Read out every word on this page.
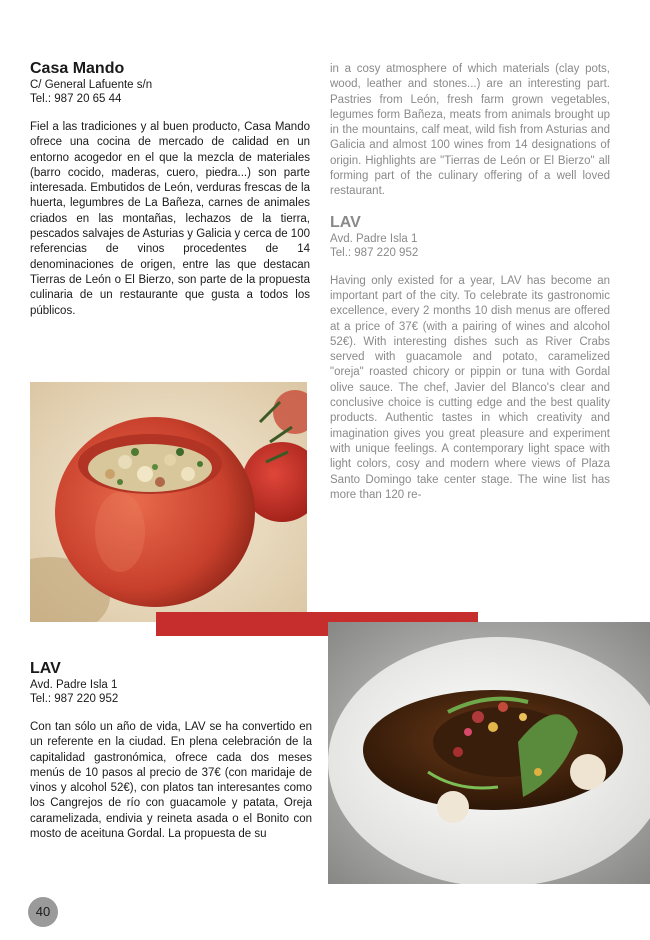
Casa Mando

C/ General Lafuente s/n

Tel.: 987 20 65 44

Fiel a las tradiciones y al buen producto, Casa Mando ofrece una cocina de mercado de calidad en un entorno acogedor en el que la mezcla de materiales (barro cocido, maderas, cuero, piedra...) son parte interesada. Embutidos de León, verduras frescas de la huerta, legumbres de La Bañeza, carnes de animales criados en las montañas, lechazos de la tierra, pescados salvajes de Asturias y Galicia y cerca de 100 referencias de vinos procedentes de 14 denominaciones de origen, entre las que destacan Tierras de León o El Bierzo, son parte de la propuesta culinaria de un restaurante que gusta a todos los públicos.

in a cosy atmosphere of which materials (clay pots, wood, leather and stones...) are an interesting part. Pastries from León, fresh farm grown vegetables, legumes form Bañeza, meats from animals brought up in the mountains, calf meat, wild fish from Asturias and Galicia and almost 100 wines from 14 designations of origin. Highlights are "Tierras de León or El Bierzo" all forming part of the culinary offering of a well loved restaurant.

LAV

Avd. Padre Isla 1

Tel.: 987 220 952

Having only existed for a year, LAV has become an important part of the city. To celebrate its gastronomic excellence, every 2 months 10 dish menus are offered at a price of 37€ (with a pairing of wines and alcohol 52€). With interesting dishes such as River Crabs served with guacamole and potato, caramelized "oreja" roasted chicory or pippin or tuna with Gordal olive sauce. The chef, Javier del Blanco's clear and conclusive choice is cutting edge and the best quality products. Authentic tastes in which creativity and imagination gives you great pleasure and experiment with unique feelings. A contemporary light space with light colors, cosy and modern where views of Plaza Santo Domingo take center stage. The wine list has more than 120 re-

LAV

Avd. Padre Isla 1

Tel.: 987 220 952

Con tan sólo un año de vida, LAV se ha convertido en un referente en la ciudad. En plena celebración de la capitalidad gastronómica, ofrece cada dos meses menús de 10 pasos al precio de 37€ (con maridaje de vinos y alcohol 52€), con platos tan interesantes como los Cangrejos de río con guacamole y patata, Oreja caramelizada, endivia y reineta asada o el Bonito con mosto de aceituna Gordal. La propuesta de su

40
